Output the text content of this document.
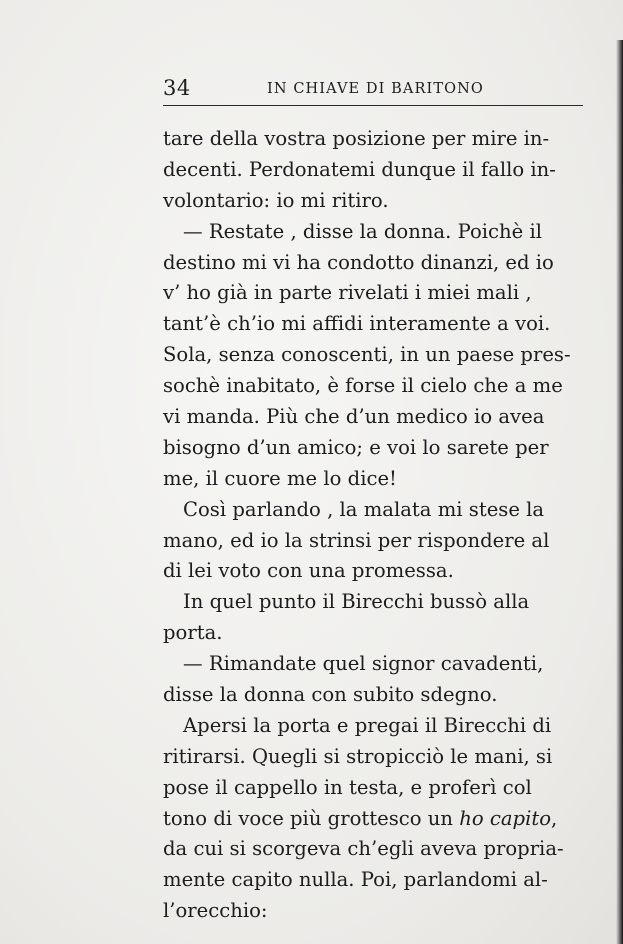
34	IN CHIAVE DI BARITONO
tare della vostra posizione per mire in-
decenti. Perdonatemi dunque il fallo in-
volontario: io mi ritiro.
— Restate , disse la donna. Poichè il
destino mi vi ha condotto dinanzi, ed io
v’ ho già in parte rivelati i miei mali ,
tant’è ch’io mi affidi interamente a voi.
Sola, senza conoscenti, in un paese pres-
sochè inabitato, è forse il cielo che a me
vi manda. Più che d’un medico io avea
bisogno d’un amico; e voi lo sarete per
me, il cuore me lo dice!
Così parlando , la malata mi stese la
mano, ed io la strinsi per rispondere al
di lei voto con una promessa.
In quel punto il Birecchi bussò alla
porta.
— Rimandate quel signor cavadenti,
disse la donna con subito sdegno.
Apersi la porta e pregai il Birecchi di
ritirarsi. Quegli si stropicciò le mani, si
pose il cappello in testa, e proferì col
tono di voce più grottesco un ho capito,
da cui si scorgeva ch’egli aveva propria-
mente capito nulla. Poi, parlandomi al-
l’orecchio:
